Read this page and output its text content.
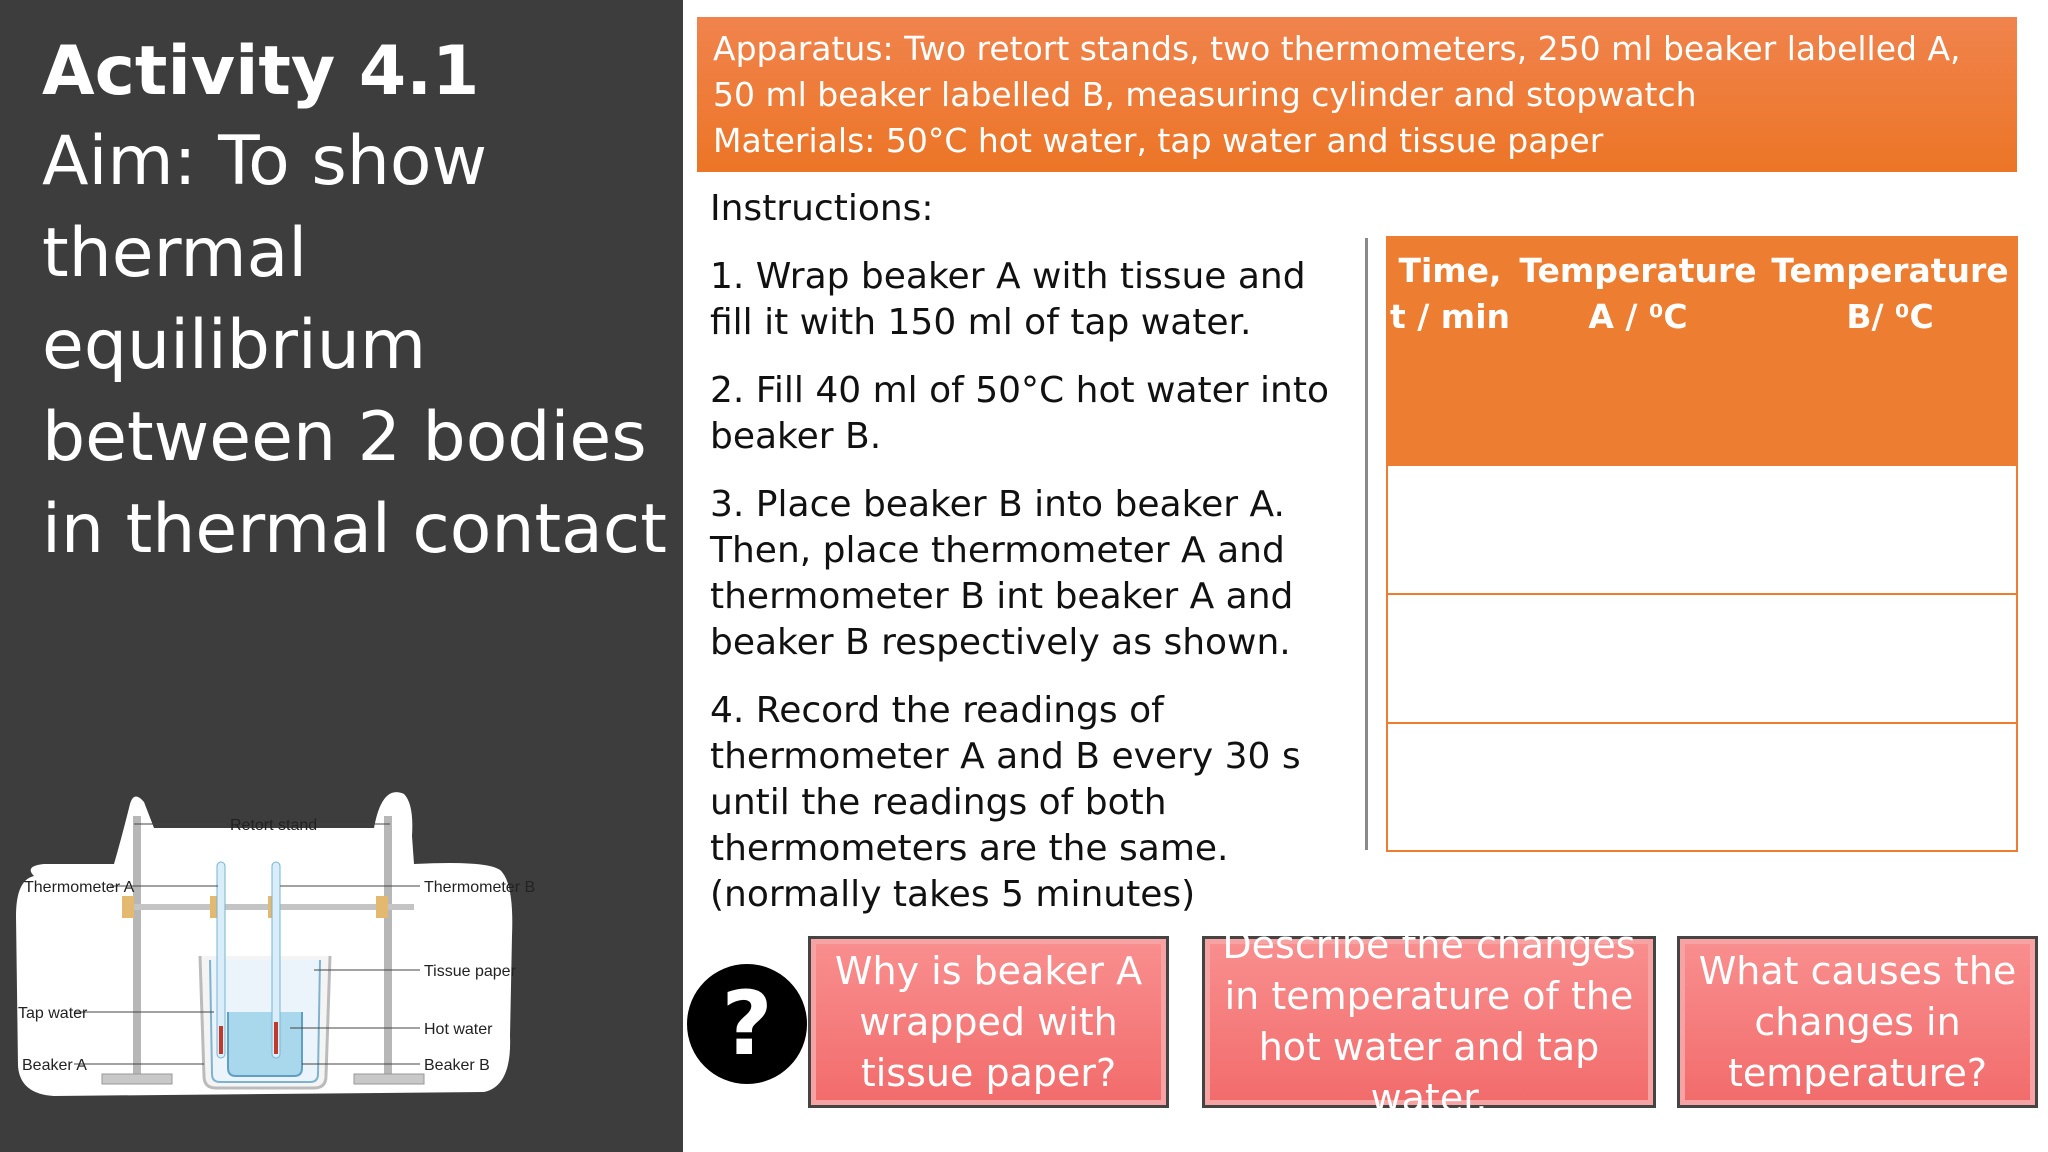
Activity 4.1

Aim: To show thermal equilibrium between 2 bodies in thermal contact

Retort stand
Thermometer A	Thermometer B
Tissue paper
Tap water
Hot water
Beaker A	Beaker B
Apparatus: Two retort stands, two thermometers, 250 ml beaker labelled A, 50 ml beaker labelled B, measuring cylinder and stopwatch
Materials: 50°C hot water, tap water and tissue paper

Instructions:

1. Wrap beaker A with tissue and fill it with 150 ml of tap water.

2. Fill 40 ml of 50°C hot water into beaker B.

3. Place beaker B into beaker A. Then, place thermometer A and thermometer B int beaker A and beaker B respectively as shown.

4. Record the readings of thermometer A and B every 30 s until the readings of both thermometers are the same. (normally takes 5 minutes)

Time, t / min
Temperature A / ⁰C
Temperature B/ ⁰C
?
Why is beaker A wrapped with tissue paper?
Describe the changes in temperature of the hot water and tap water.
What causes the changes in temperature?
